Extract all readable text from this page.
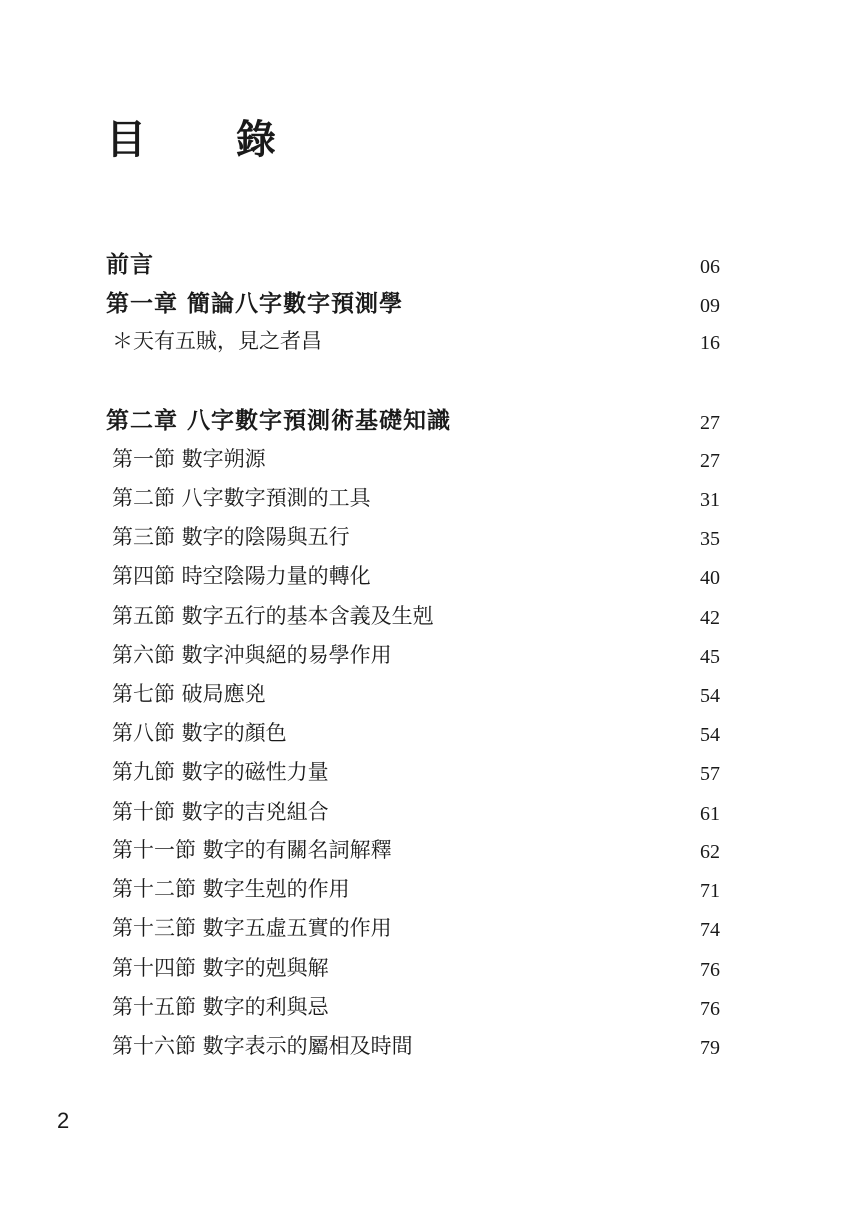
目 錄
前言	06
第一章 簡論八字數字預測學	09
＊天有五賊，見之者昌	16
第二章 八字數字預測術基礎知識	27
第一節 數字朔源	27
第二節 八字數字預測的工具	31
第三節 數字的陰陽與五行	35
第四節 時空陰陽力量的轉化	40
第五節 數字五行的基本含義及生剋	42
第六節 數字沖與絕的易學作用	45
第七節 破局應兇	54
第八節 數字的顏色	54
第九節 數字的磁性力量	57
第十節 數字的吉兇組合	61
第十一節 數字的有關名詞解釋	62
第十二節 數字生剋的作用	71
第十三節 數字五虛五實的作用	74
第十四節 數字的剋與解	76
第十五節 數字的利與忌	76
第十六節 數字表示的屬相及時間	79
2
